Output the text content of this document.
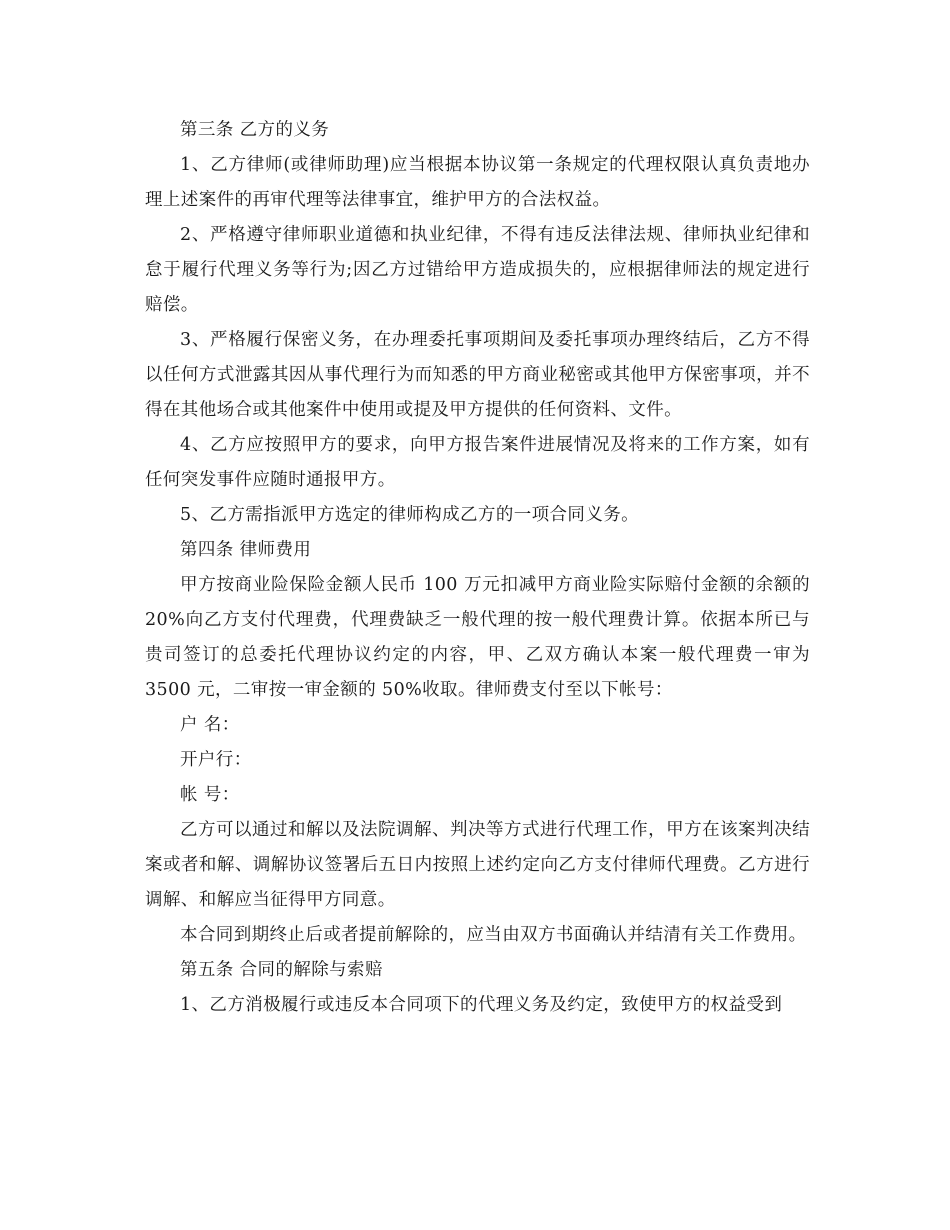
第三条 乙方的义务

1、乙方律师(或律师助理)应当根据本协议第一条规定的代理权限认真负责地办理上述案件的再审代理等法律事宜，维护甲方的合法权益。

2、严格遵守律师职业道德和执业纪律，不得有违反法律法规、律师执业纪律和怠于履行代理义务等行为;因乙方过错给甲方造成损失的，应根据律师法的规定进行赔偿。

3、严格履行保密义务，在办理委托事项期间及委托事项办理终结后，乙方不得以任何方式泄露其因从事代理行为而知悉的甲方商业秘密或其他甲方保密事项，并不得在其他场合或其他案件中使用或提及甲方提供的任何资料、文件。

4、乙方应按照甲方的要求，向甲方报告案件进展情况及将来的工作方案，如有任何突发事件应随时通报甲方。

5、乙方需指派甲方选定的律师构成乙方的一项合同义务。

第四条 律师费用

甲方按商业险保险金额人民币 100 万元扣减甲方商业险实际赔付金额的余额的 20%向乙方支付代理费，代理费缺乏一般代理的按一般代理费计算。依据本所已与贵司签订的总委托代理协议约定的内容，甲、乙双方确认本案一般代理费一审为 3500 元，二审按一审金额的 50%收取。律师费支付至以下帐号：

户 名：

开户行：

帐 号：

乙方可以通过和解以及法院调解、判决等方式进行代理工作，甲方在该案判决结案或者和解、调解协议签署后五日内按照上述约定向乙方支付律师代理费。乙方进行调解、和解应当征得甲方同意。

本合同到期终止后或者提前解除的，应当由双方书面确认并结清有关工作费用。

第五条 合同的解除与索赔

1、乙方消极履行或违反本合同项下的代理义务及约定，致使甲方的权益受到
